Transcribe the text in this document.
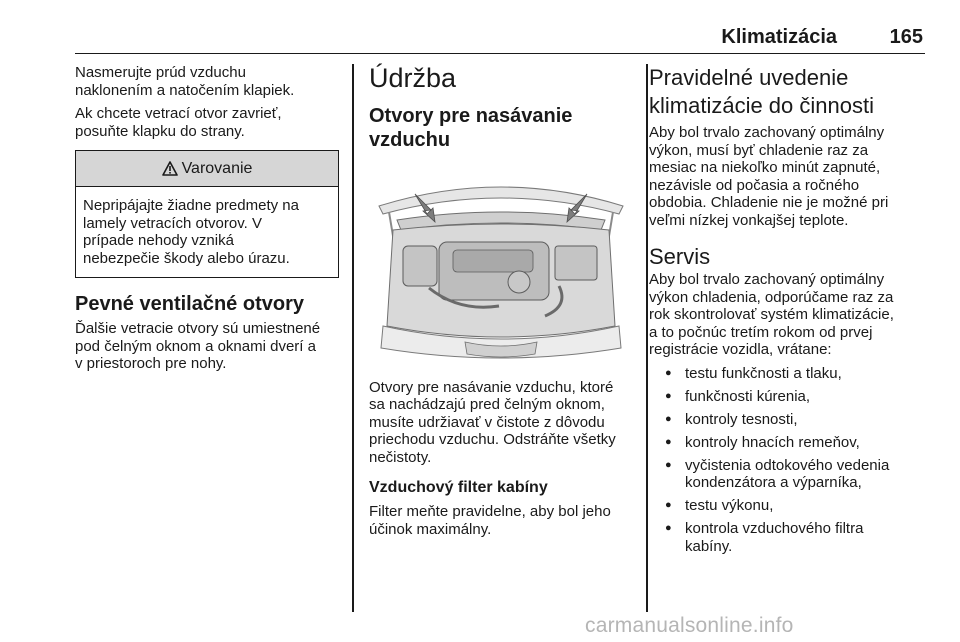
Klimatizácia	165

Nasmerujte prúd vzduchu
naklonením a natočením klapiek.

Ak chcete vetrací otvor zavrieť,
posuňte klapku do strany.

Varovanie
Nepripájajte žiadne predmety na
lamely vetracích otvorov. V
prípade nehody vzniká
nebezpečie škody alebo úrazu.
Pevné ventilačné otvory

Ďalšie vetracie otvory sú umiestnené
pod čelným oknom a oknami dverí a
v priestoroch pre nohy.

Údržba
Otvory pre nasávanie
vzduchu

Otvory pre nasávanie vzduchu, ktoré
sa nachádzajú pred čelným oknom,
musíte udržiavať v čistote z dôvodu
priechodu vzduchu. Odstráňte všetky
nečistoty.

Vzduchový filter kabíny

Filter meňte pravidelne, aby bol jeho
účinok maximálny.

Pravidelné uvedenie
klimatizácie do činnosti

Aby bol trvalo zachovaný optimálny
výkon, musí byť chladenie raz za
mesiac na niekoľko minút zapnuté,
nezávisle od počasia a ročného
obdobia. Chladenie nie je možné pri
veľmi nízkej vonkajšej teplote.

Servis

Aby bol trvalo zachovaný optimálny
výkon chladenia, odporúčame raz za
rok skontrolovať systém klimatizácie,
a to počnúc tretím rokom od prvej
registrácie vozidla, vrátane:

● testu funkčnosti a tlaku,
● funkčnosti kúrenia,
● kontroly tesnosti,
● kontroly hnacích remeňov,
● vyčistenia odtokového vedenia
kondenzátora a výparníka,
● testu výkonu,
● kontrola vzduchového filtra
kabíny.
carmanualsonline.info
